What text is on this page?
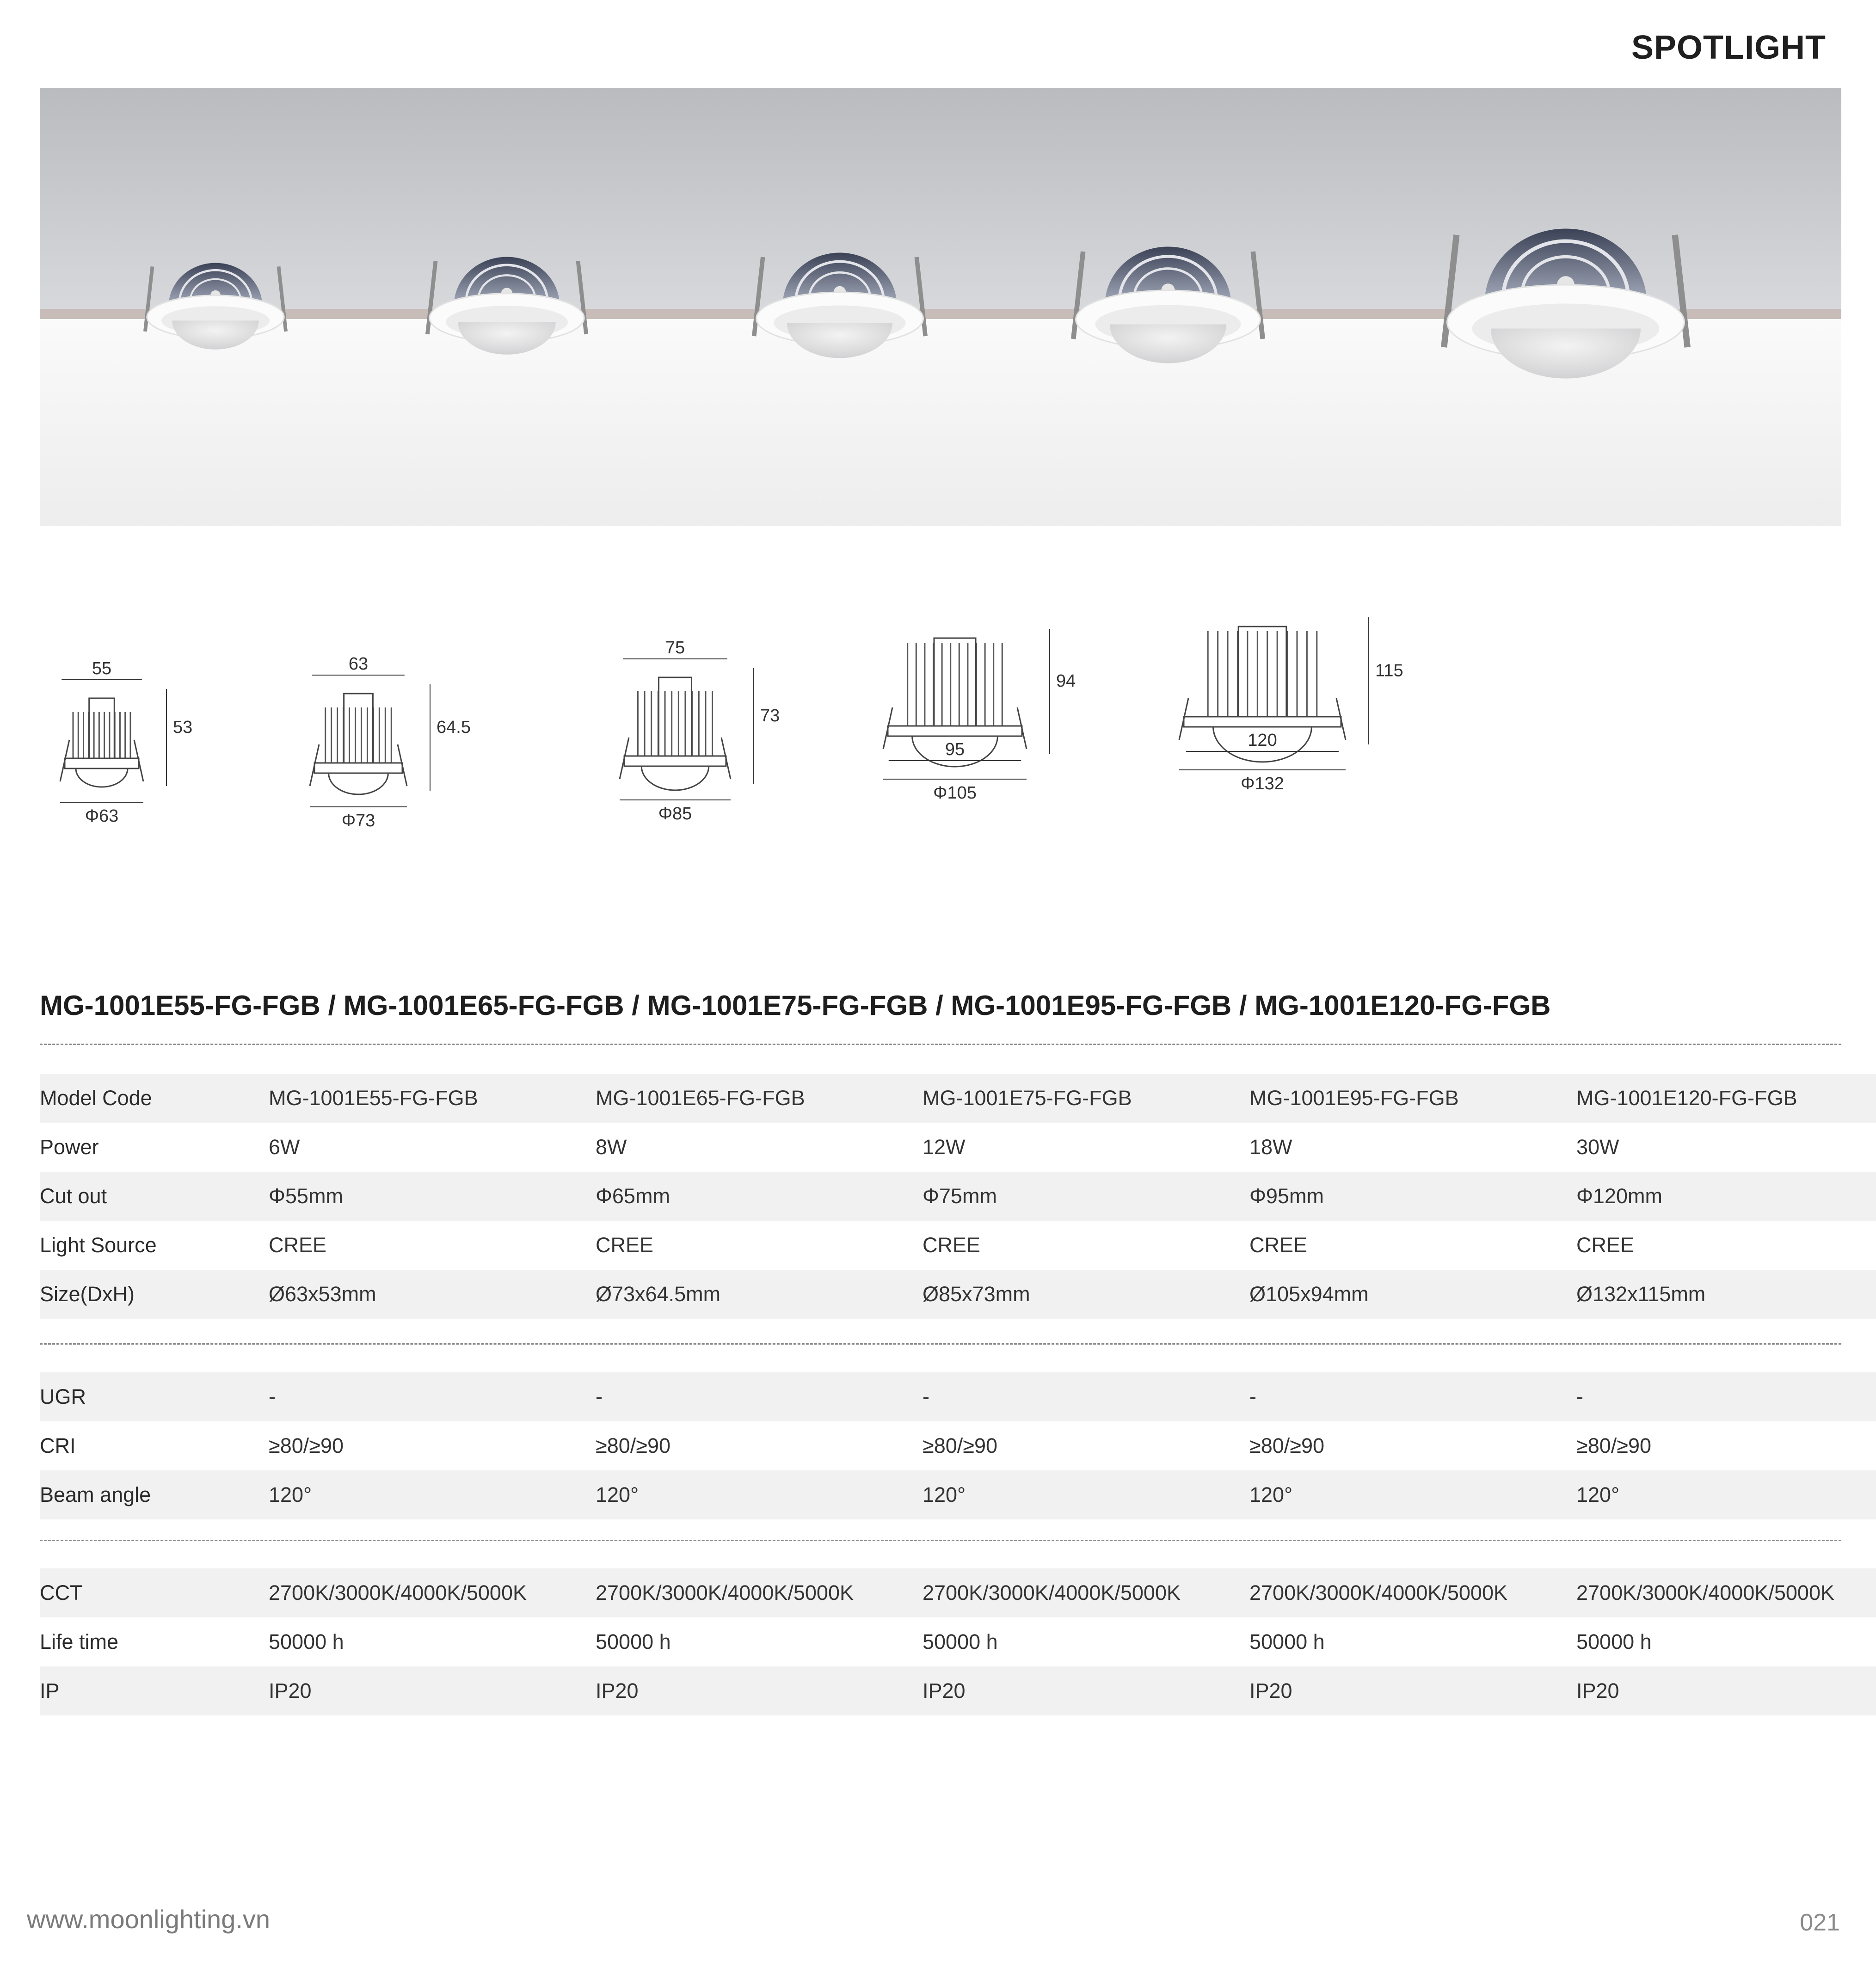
SPOTLIGHT
55
53
Φ63
63
64.5
Φ73
75
73
Φ85
95
94
Φ105
120
115
Φ132
MG-1001E55-FG-FGB / MG-1001E65-FG-FGB / MG-1001E75-FG-FGB / MG-1001E95-FG-FGB / MG-1001E120-FG-FGB
Model Code	MG-1001E55-FG-FGB	MG-1001E65-FG-FGB	MG-1001E75-FG-FGB	MG-1001E95-FG-FGB	MG-1001E120-FG-FGB
Power	6W	8W	12W	18W	30W
Cut out	Φ55mm	Φ65mm	Φ75mm	Φ95mm	Φ120mm
Light Source	CREE	CREE	CREE	CREE	CREE
Size(DxH)	Ø63x53mm	Ø73x64.5mm	Ø85x73mm	Ø105x94mm	Ø132x115mm
UGR	-	-	-	-	-
CRI	≥80/≥90	≥80/≥90	≥80/≥90	≥80/≥90	≥80/≥90
Beam angle	120°	120°	120°	120°	120°
CCT	2700K/3000K/4000K/5000K	2700K/3000K/4000K/5000K	2700K/3000K/4000K/5000K	2700K/3000K/4000K/5000K	2700K/3000K/4000K/5000K
Life time	50000 h	50000 h	50000 h	50000 h	50000 h
IP	IP20	IP20	IP20	IP20	IP20
www.moonlighting.vn	021
